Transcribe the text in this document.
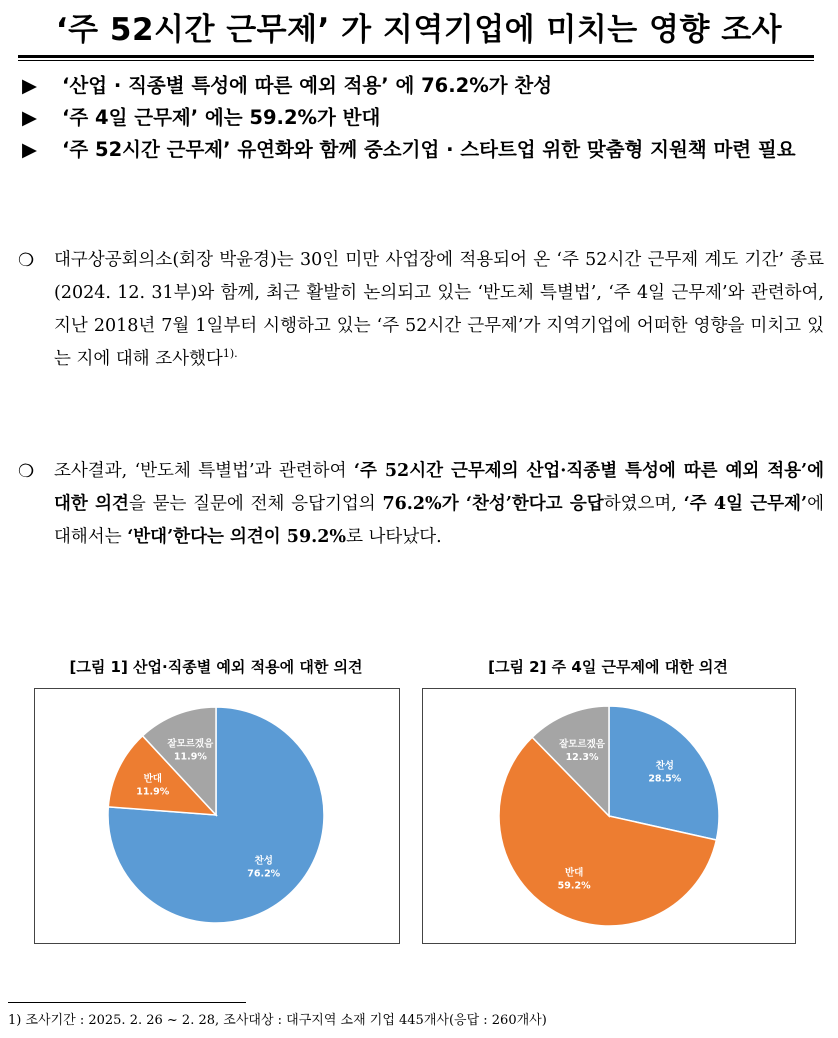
‘주 52시간 근무제’ 가 지역기업에 미치는 영향 조사
▶	‘산업 · 직종별 특성에 따른 예외 적용’ 에 76.2%가 찬성
▶	‘주 4일 근무제’ 에는 59.2%가 반대
▶	‘주 52시간 근무제’ 유연화와 함께 중소기업 · 스타트업 위한 맞춤형 지원책 마련 필요
❍	대구상공회의소(회장 박윤경)는 30인 미만 사업장에 적용되어 온 ‘주 52시간 근무제 계도 기간’ 종료(2024. 12. 31부)와 함께, 최근 활발히 논의되고 있는 ‘반도체 특별법’, ‘주 4일 근무제’와 관련하여, 지난 2018년 7월 1일부터 시행하고 있는 ‘주 52시간 근무제’가 지역기업에 어떠한 영향을 미치고 있는 지에 대해 조사했다$^{1).}$
❍	조사결과, ‘반도체 특별법’과 관련하여 ‘주 52시간 근무제의 산업·직종별 특성에 따른 예외 적용’에 대한 의견을 묻는 질문에 전체 응답기업의 76.2%가 ‘찬성’한다고 응답하였으며, ‘주 4일 근무제’에 대해서는 ‘반대’한다는 의견이 59.2%로 나타났다.
[그림 1] 산업·직종별 예외 적용에 대한 의견
찬성
76.2%
반대
11.9%
잘모르겠음
11.9%
[그림 2] 주 4일 근무제에 대한 의견
찬성
28.5%
반대
59.2%
잘모르겠음
12.3%
1) 조사기간 : 2025. 2. 26 ~ 2. 28, 조사대상 : 대구지역 소재 기업 445개사(응답 : 260개사)
